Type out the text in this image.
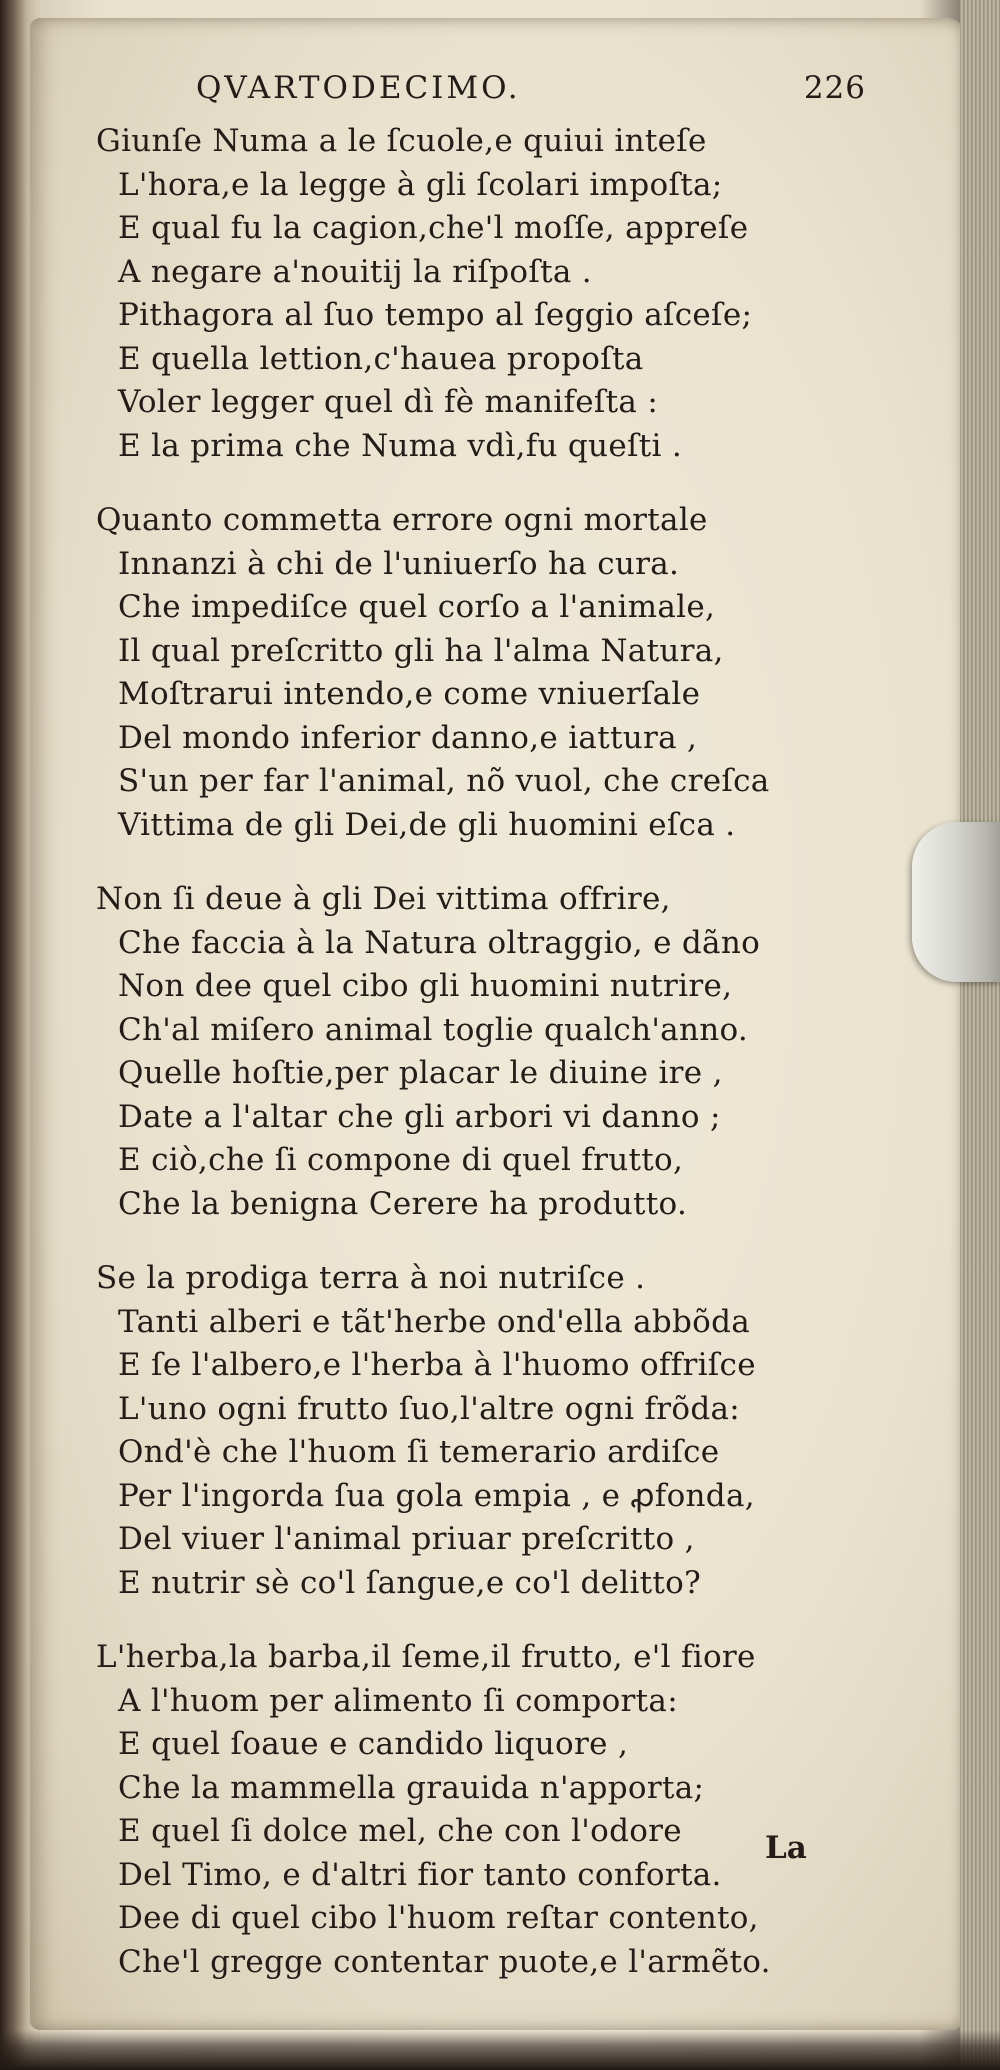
QVARTODECIMO.	226
Giunſe Numa a le ſcuole,e quiui inteſe
L'hora,e la legge à gli ſcolari impoſta;
E qual fu la cagion,che'l moſſe, appreſe
A negare a'nouitij la riſpoſta .
Pithagora al ſuo tempo al ſeggio aſceſe;
E quella lettion,c'hauea propoſta
Voler legger quel dì fè manifeſta :
E la prima che Numa vdì,fu queſti .
Quanto commetta errore ogni mortale
Innanzi à chi de l'uniuerſo ha cura.
Che impediſce quel corſo a l'animale,
Il qual preſcritto gli ha l'alma Natura,
Moſtrarui intendo,e come vniuerſale
Del mondo inferior danno,e iattura ,
S'un per far l'animal, nõ vuol, che creſca
Vittima de gli Dei,de gli huomini eſca .
Non ſi deue à gli Dei vittima offrire,
Che faccia à la Natura oltraggio, e dãno
Non dee quel cibo gli huomini nutrire,
Ch'al miſero animal toglie qualch'anno.
Quelle hoſtie,per placar le diuine ire ,
Date a l'altar che gli arbori vi danno ;
E ciò,che ſi compone di quel frutto,
Che la benigna Cerere ha produtto.
Se la prodiga terra à noi nutriſce .
Tanti alberi e tãt'herbe ond'ella abbõda
E ſe l'albero,e l'herba à l'huomo offriſce
L'uno ogni frutto ſuo,l'altre ogni frõda:
Ond'è che l'huom ſi temerario ardiſce
Per l'ingorda ſua gola empia , e ꝓfonda,
Del viuer l'animal priuar preſcritto ,
E nutrir sè co'l ſangue,e co'l delitto?
L'herba,la barba,il ſeme,il frutto, e'l fiore
A l'huom per alimento ſi comporta:
E quel ſoaue e candido liquore ,
Che la mammella grauida n'apporta;
E quel ſi dolce mel, che con l'odore
Del Timo, e d'altri fior tanto conforta.
Dee di quel cibo l'huom reſtar contento,
Che'l gregge contentar puote,e l'armẽto.
La
